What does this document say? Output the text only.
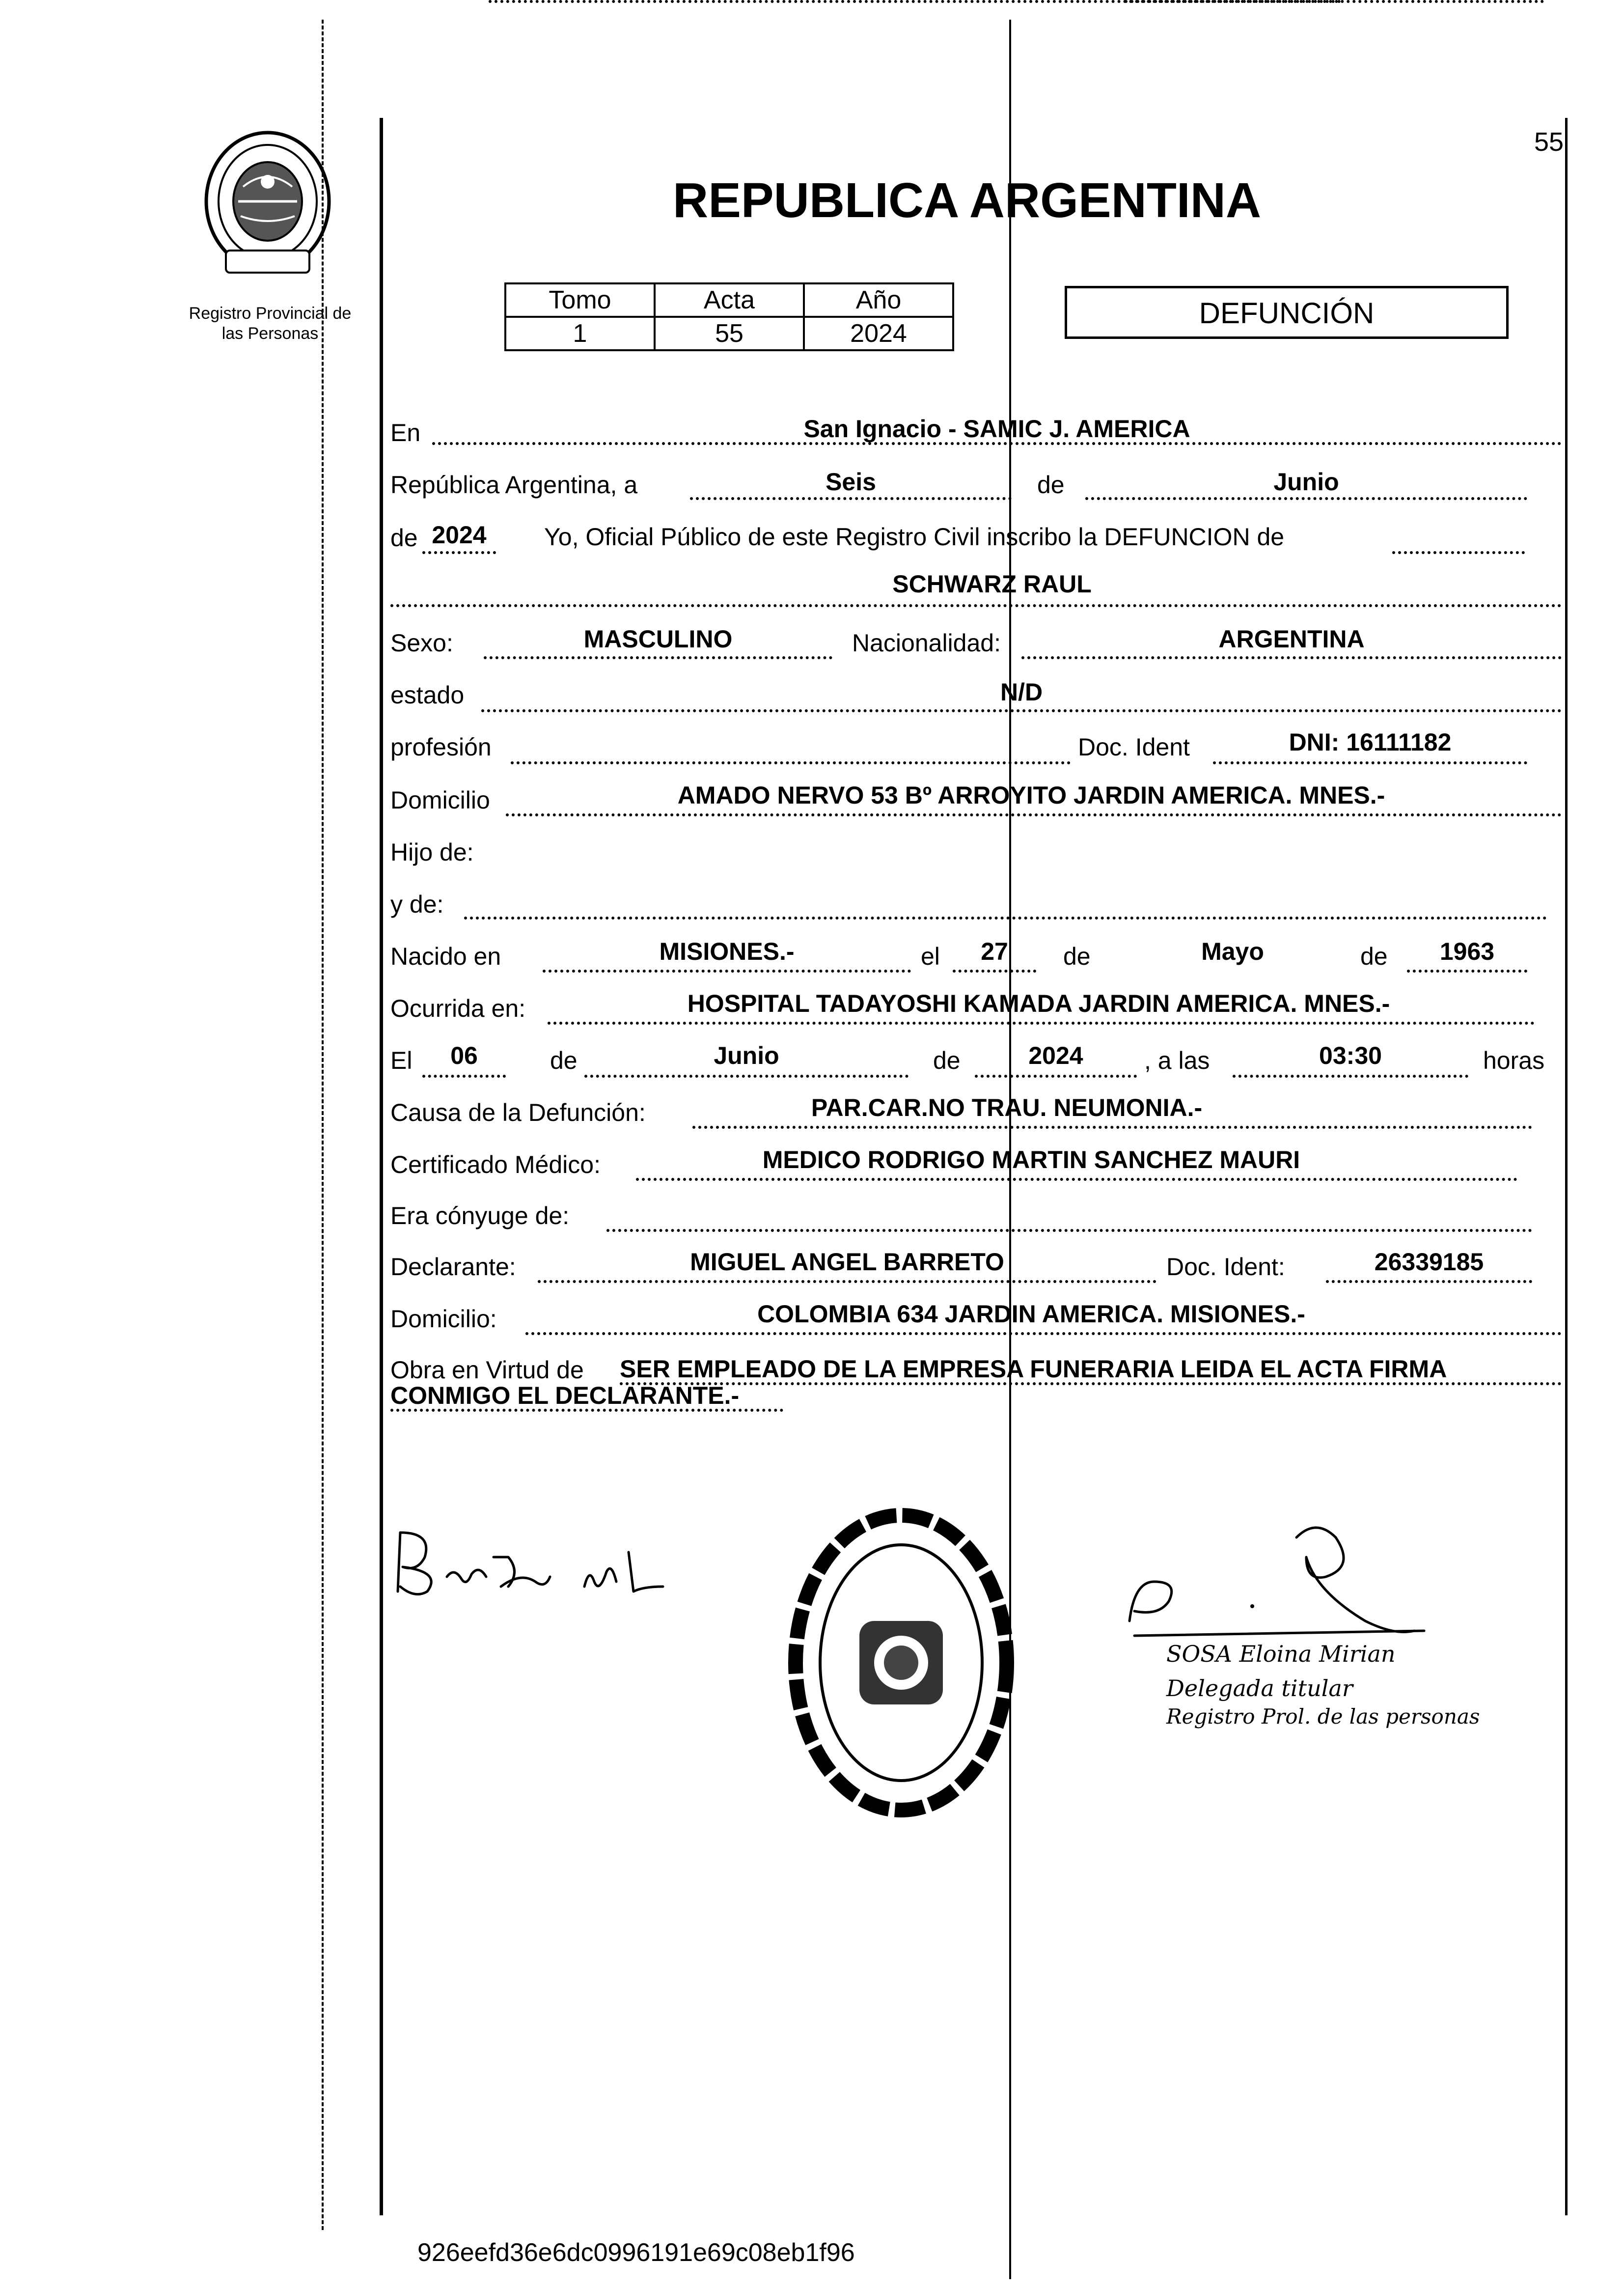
55
Registro Provincial de
las Personas
REPUBLICA ARGENTINA
Tomo	Acta	Año
1	55	2024
DEFUNCIÓN
En	San Ignacio - SAMIC J. AMERICA
República Argentina, a	Seis	de	Junio
de 2024	Yo, Oficial Público de este Registro Civil inscribo la DEFUNCION de
SCHWARZ RAUL
Sexo:	MASCULINO	Nacionalidad:	ARGENTINA
estado	N/D
profesión	Doc. Ident	DNI: 16111182
Domicilio	AMADO NERVO 53 Bº ARROYITO JARDIN AMERICA. MNES.-
Hijo de:
y de:
Nacido en	MISIONES.-	el	27	de	Mayo	de	1963
Ocurrida en:	HOSPITAL TADAYOSHI KAMADA JARDIN AMERICA. MNES.-
El	06	de	Junio	de	2024	, a las	03:30	horas
Causa de la Defunción:	PAR.CAR.NO TRAU. NEUMONIA.-
Certificado Médico:	MEDICO RODRIGO MARTIN SANCHEZ MAURI
Era cónyuge de:
Declarante:	MIGUEL ANGEL BARRETO	Doc. Ident:	26339185
Domicilio:	COLOMBIA 634 JARDIN AMERICA. MISIONES.-
Obra en Virtud de SER EMPLEADO DE LA EMPRESA FUNERARIA LEIDA EL ACTA FIRMA
CONMIGO EL DECLARANTE.-
SOSA Eloina Mirian
Delegada titular
Registro Prol. de las personas
926eefd36e6dc0996191e69c08eb1f96
